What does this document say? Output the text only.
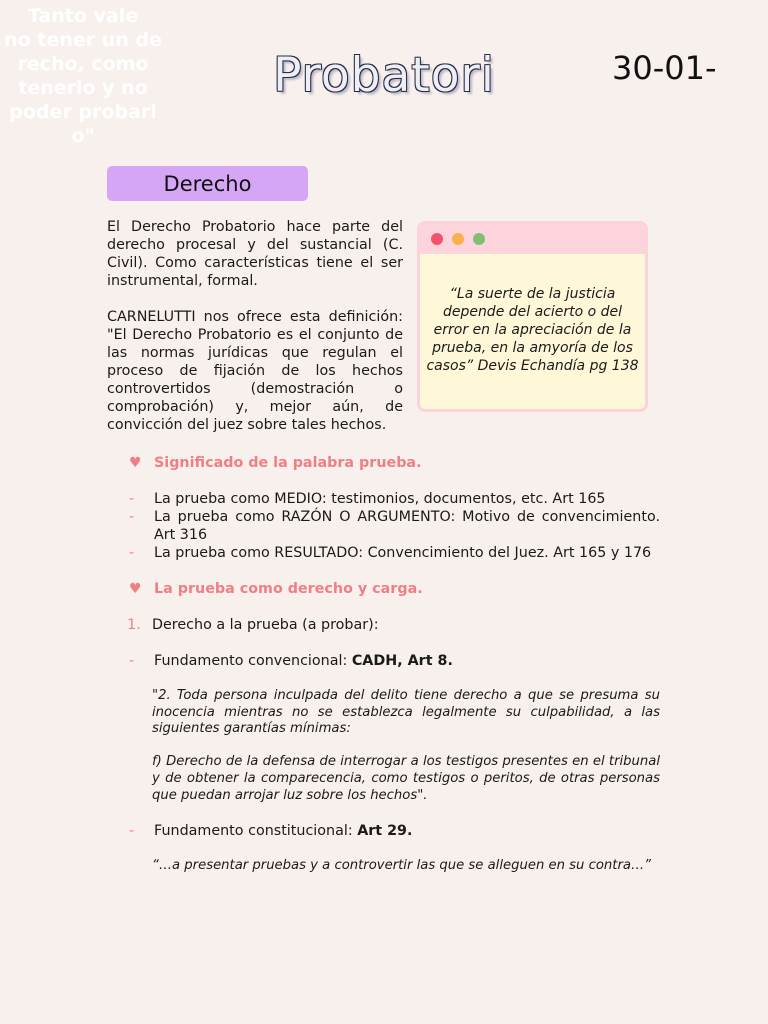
Tanto vale
no tener un de
recho, como
tenerlo y no
poder probarl
o"
Probatori	30-01-
Derecho

El Derecho Probatorio hace parte del derecho procesal y del sustancial (C. Civil). Como características tiene el ser instrumental, formal.

CARNELUTTI nos ofrece esta definición: "El Derecho Probatorio es el conjunto de las normas jurídicas que regulan el proceso de fijación de los hechos controvertidos (demostración o comprobación) y, mejor aún, de convicción del juez sobre tales hechos.

“La suerte de la justicia depende del acierto o del error en la apreciación de la prueba, en la amyoría de los casos” Devis Echandía pg 138
♥ Significado de la palabra prueba.
-	La prueba como MEDIO: testimonios, documentos, etc. Art 165
-	La prueba como RAZÓN O ARGUMENTO: Motivo de convencimiento. Art 316
-	La prueba como RESULTADO: Convencimiento del Juez. Art 165 y 176
♥ La prueba como derecho y carga.
1. Derecho a la prueba (a probar):
-	Fundamento convencional: CADH, Art 8.
"2. Toda persona inculpada del delito tiene derecho a que se presuma su inocencia mientras no se establezca legalmente su culpabilidad, a las siguientes garantías mínimas:
f) Derecho de la defensa de interrogar a los testigos presentes en el tribunal y de obtener la comparecencia, como testigos o peritos, de otras personas que puedan arrojar luz sobre los hechos".
-	Fundamento constitucional: Art 29.
“…a presentar pruebas y a controvertir las que se alleguen en su contra…”
